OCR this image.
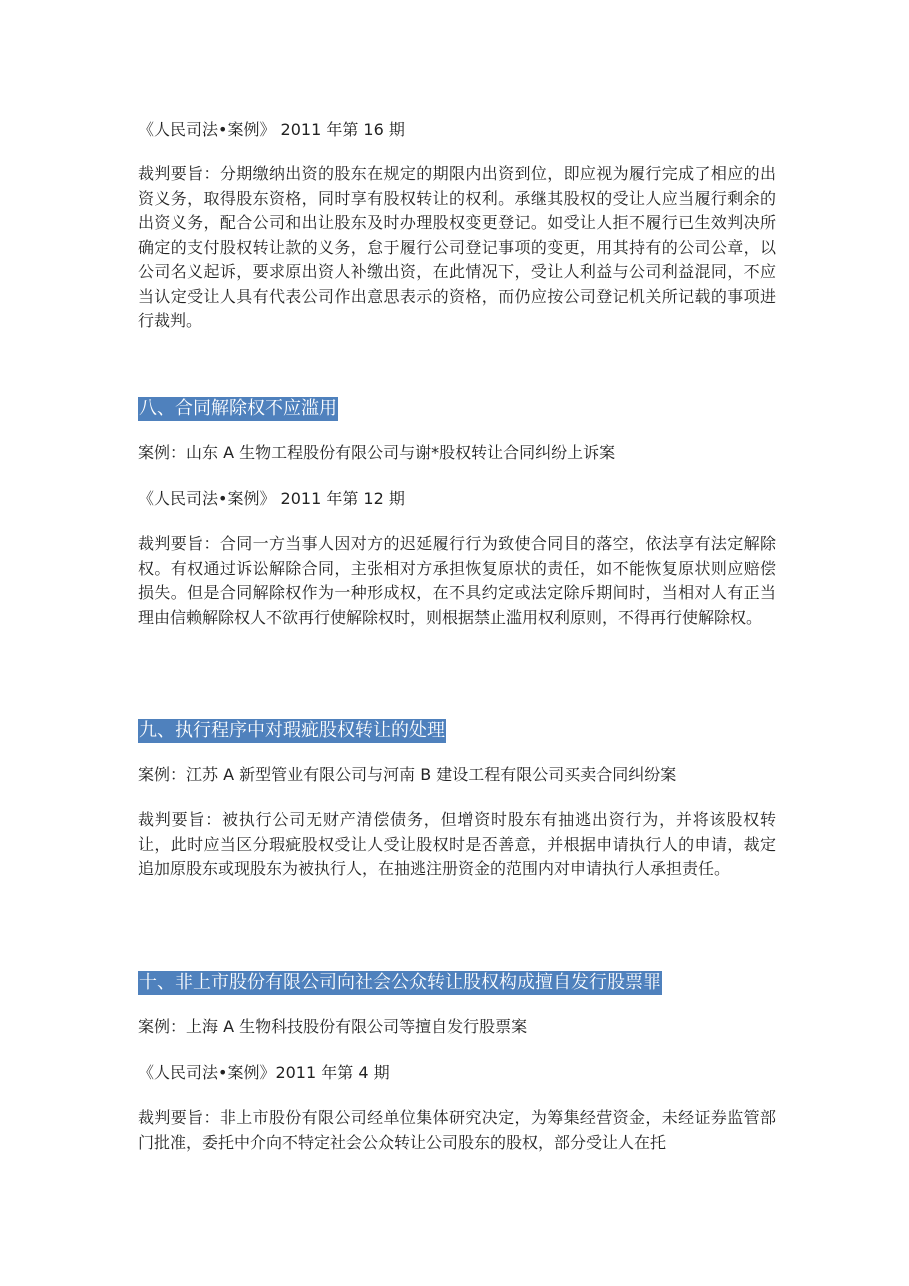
《人民司法•案例》 2011 年第 16 期
裁判要旨：分期缴纳出资的股东在规定的期限内出资到位，即应视为履行完成了相应的出资义务，取得股东资格，同时享有股权转让的权利。承继其股权的受让人应当履行剩余的出资义务，配合公司和出让股东及时办理股权变更登记。如受让人拒不履行已生效判决所确定的支付股权转让款的义务，怠于履行公司登记事项的变更，用其持有的公司公章，以公司名义起诉，要求原出资人补缴出资，在此情况下，受让人利益与公司利益混同，不应当认定受让人具有代表公司作出意思表示的资格，而仍应按公司登记机关所记载的事项进行裁判。
八、合同解除权不应滥用
案例：山东 A 生物工程股份有限公司与谢*股权转让合同纠纷上诉案
《人民司法•案例》 2011 年第 12 期
裁判要旨：合同一方当事人因对方的迟延履行行为致使合同目的落空，依法享有法定解除权。有权通过诉讼解除合同，主张相对方承担恢复原状的责任，如不能恢复原状则应赔偿损失。但是合同解除权作为一种形成权，在不具约定或法定除斥期间时，当相对人有正当理由信赖解除权人不欲再行使解除权时，则根据禁止滥用权利原则，不得再行使解除权。
九、执行程序中对瑕疵股权转让的处理
案例：江苏 A 新型管业有限公司与河南 B 建设工程有限公司买卖合同纠纷案
裁判要旨：被执行公司无财产清偿债务，但增资时股东有抽逃出资行为，并将该股权转让，此时应当区分瑕疵股权受让人受让股权时是否善意，并根据申请执行人的申请，裁定追加原股东或现股东为被执行人，在抽逃注册资金的范围内对申请执行人承担责任。
十、非上市股份有限公司向社会公众转让股权构成擅自发行股票罪
案例：上海 A 生物科技股份有限公司等擅自发行股票案
《人民司法•案例》2011 年第 4 期
裁判要旨：非上市股份有限公司经单位集体研究决定，为筹集经营资金，未经证券监管部门批准，委托中介向不特定社会公众转让公司股东的股权，部分受让人在托
